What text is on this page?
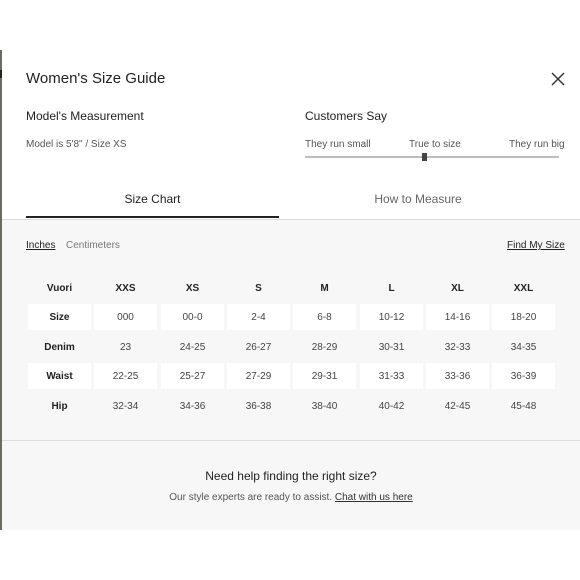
Women's Size Guide
Model's Measurement
Model is 5'8" / Size XS
Customers Say
They run small	True to size	They run big
Size Chart	How to Measure
Inches Centimeters	Find My Size
Vuori	XXS	XS	S	M	L	XL	XXL
Size	000	00-0	2-4	6-8	10-12	14-16	18-20
Denim	23	24-25	26-27	28-29	30-31	32-33	34-35
Waist	22-25	25-27	27-29	29-31	31-33	33-36	36-39
Hip	32-34	34-36	36-38	38-40	40-42	42-45	45-48
Need help finding the right size?
Our style experts are ready to assist. Chat with us here
